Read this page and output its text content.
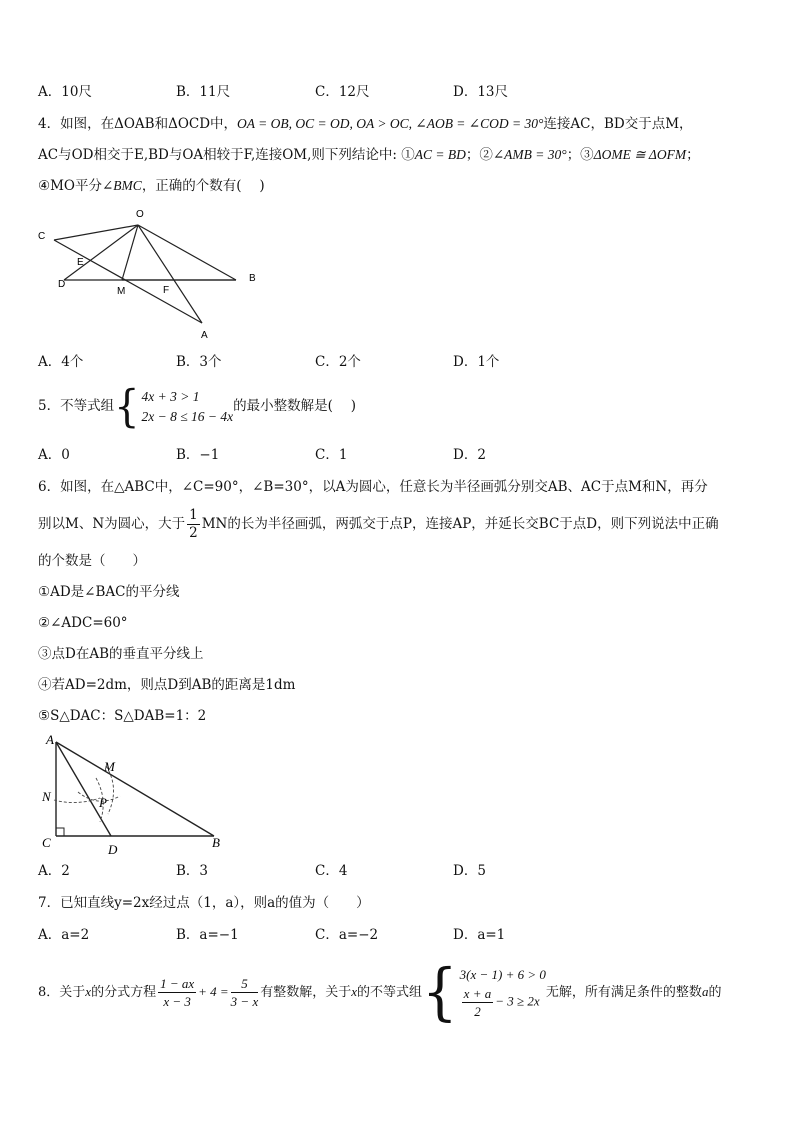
A．10尺	B．11尺	C．12尺	D．13尺
4．如图，在ΔOAB和ΔOCD中，OA = OB, OC = OD, OA > OC, ∠AOB = ∠COD = 30°连接AC，BD交于点M，
AC与OD相交于E,BD与OA相较于F,连接OM,则下列结论中: ①AC = BD；②∠AMB = 30°；③ΔOME ≅ ΔOFM；
④MO平分∠BMC，正确的个数有(　 )
C
O
E
B
D
M	F
A
A．4个	B．3个	C．2个	D．1个
5．不等式组{ 4x + 3 > 1
2x − 8 ≤ 16 − 4x
的最小整数解是(　 )
A．0	B．−1	C．1	D．2
6．如图，在△ABC中，∠C=90°，∠B=30°，以A为圆心，任意长为半径画弧分别交AB、AC于点M和N，再分
别以M、N为圆心，大于 $\frac{1}{2}$ MN的长为半径画弧，两弧交于点P，连接AP，并延长交BC于点D，则下列说法中正确
的个数是（　　）
①AD是∠BAC的平分线
②∠ADC=60°
③点D在AB的垂直平分线上
④若AD=2dm，则点D到AB的距离是1dm
⑤S△DAC：S△DAB=1：2
A
M
N	P
C	D	B
A．2	B．3	C．4	D．5
7．已知直线y=2x经过点（1，a），则a的值为（　　）
A．a=2	B．a=−1	C．a=−2	D．a=1
8．关于x的分式方程 $\frac{1 - ax}{x - 3} + 4 = \frac{5}{3 - x}$ 有整数解，关于x的不等式组{ 3(x − 1) + 6 > 0
$\frac{x + a}{2} - 3 \ge 2x$
无解，所有满足条件的整数a的
